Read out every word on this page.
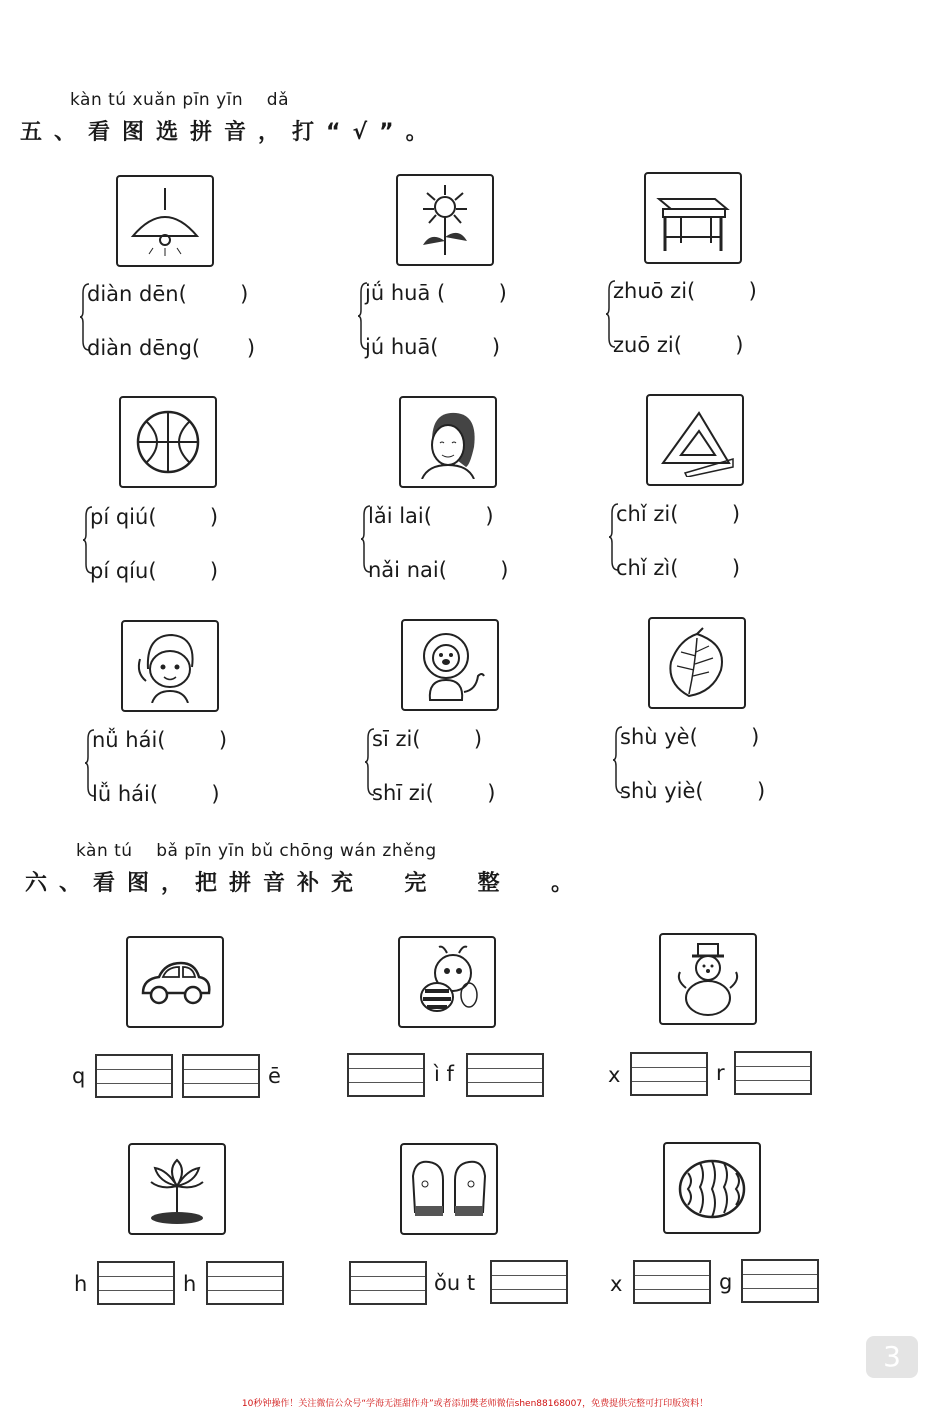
kàn tú xuǎn pīn yīn    dǎ
五、看图选拼音，打“√”。
diàn dēn(        )
diàn dēng(       )
jǘ huā (        )
jú huā(        )
zhuō zi(        )
zuō zi(        )
pí qiú(        )
pí qíu(        )
lǎi lai(        )
nǎi nai(        )
chǐ zi(        )
chǐ zì(        )
nǚ hái(        )
lǚ hái(        )
sī zi(        )
shī zi(        )
shù yè(        )
shù yiè(        )
kàn tú    bǎ pīn yīn bǔ chōng wán zhěng
六、看图，把拼音补充  完  整  。
q	ē	ì f	x	r
h	h	ǒu t	x	g
3
10秒钟操作！关注微信公众号“学海无涯甜作舟”或者添加樊老师微信shen88168007，免费提供完整可打印版资料！
